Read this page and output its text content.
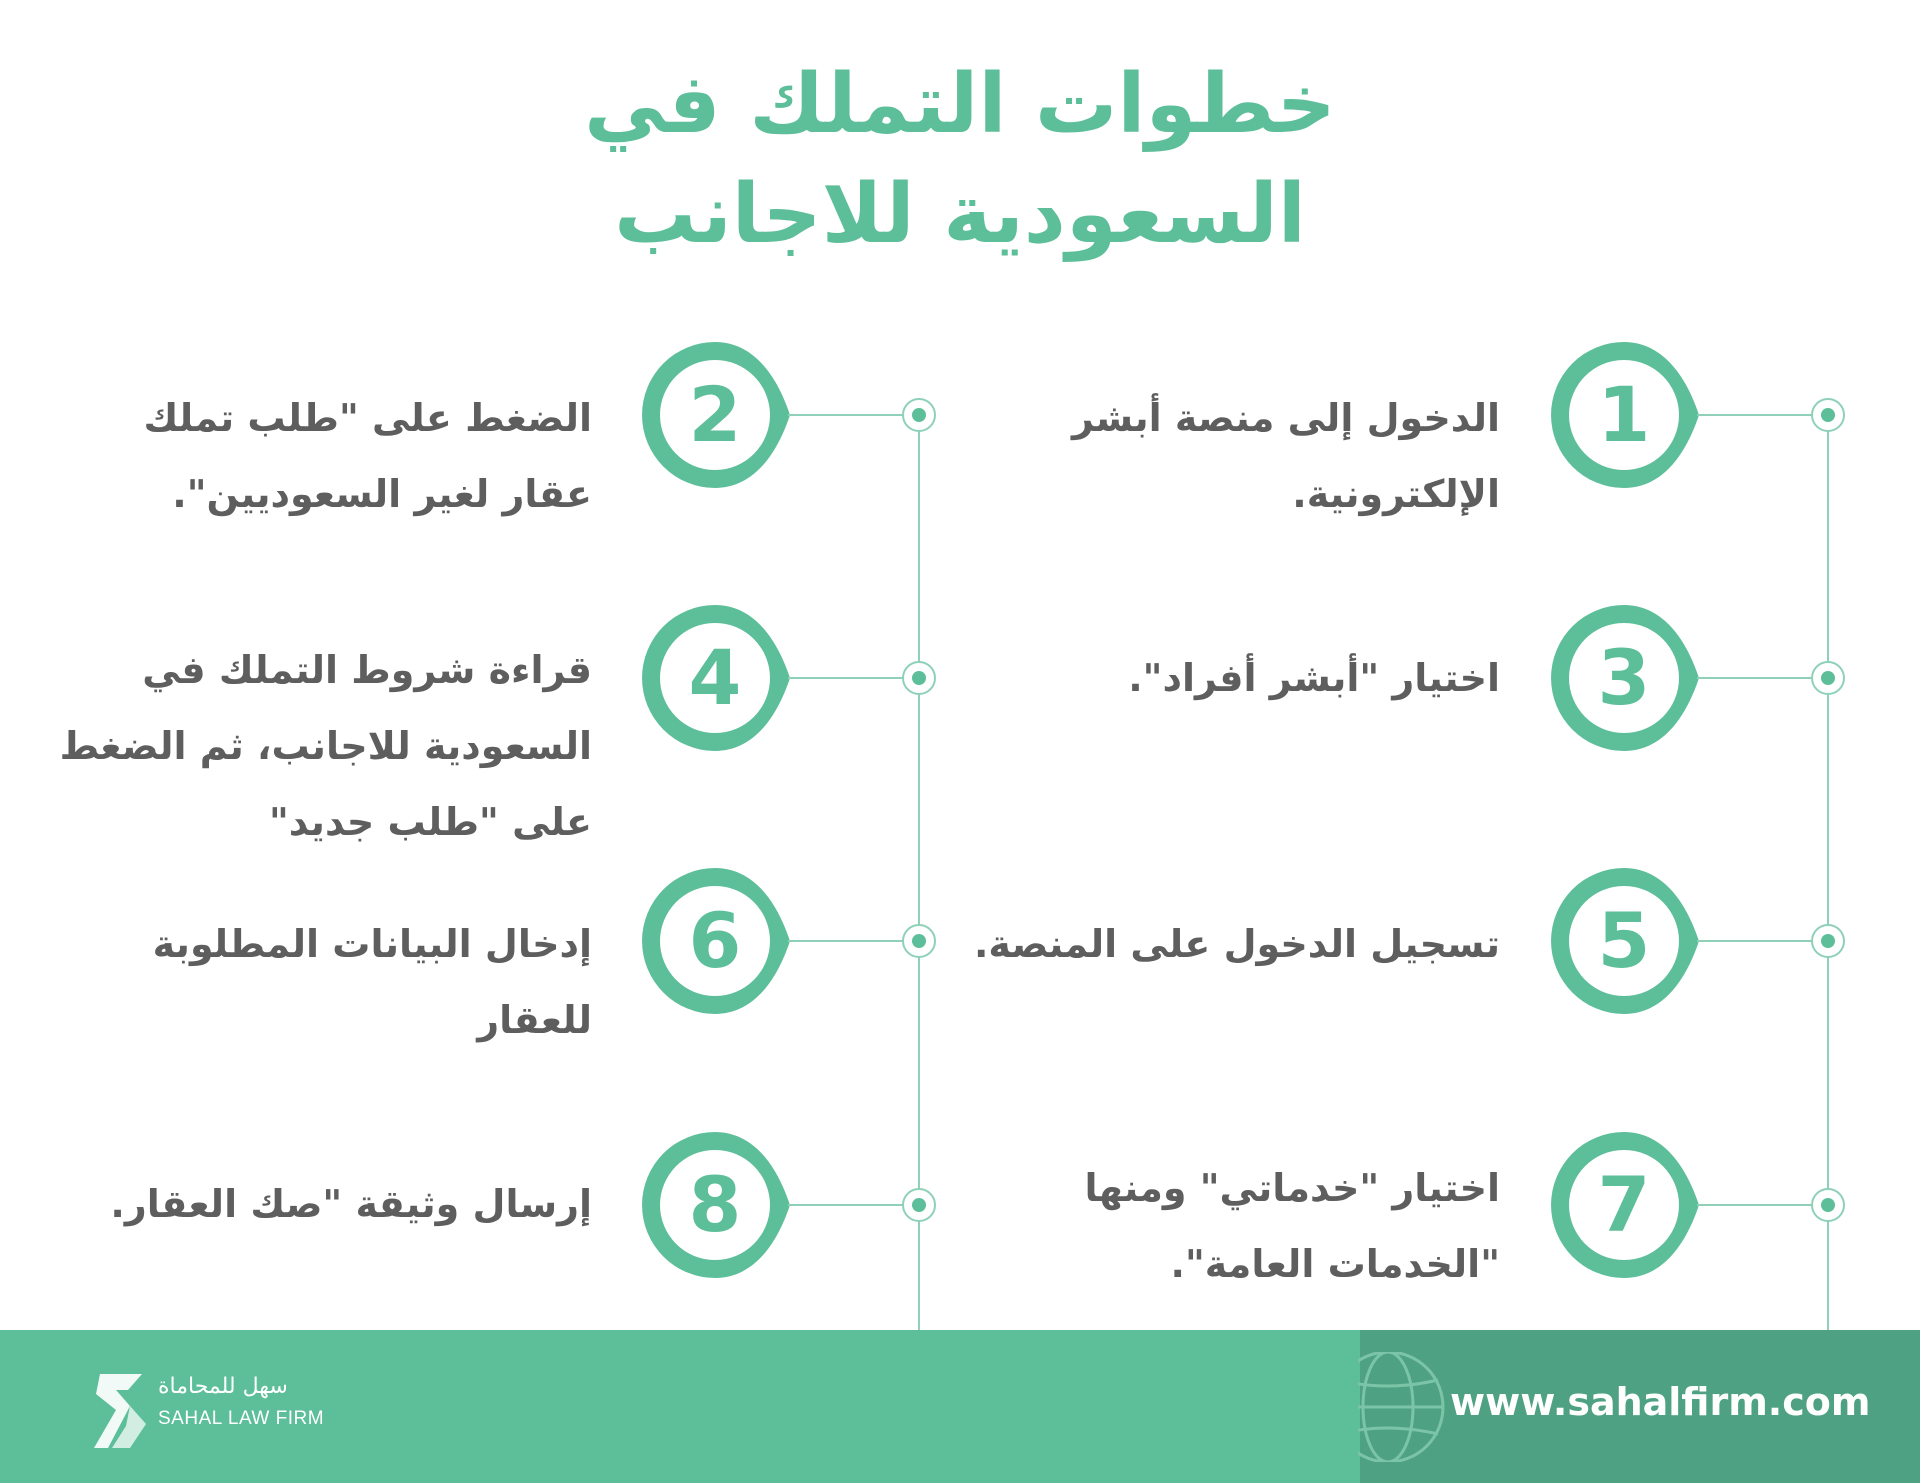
خطوات التملك في
السعودية للاجانب
2
4
6
8
1
3
5
7
الدخول إلى منصة أبشر
الإلكترونية.
الضغط على "طلب تملك
عقار لغير السعوديين".
اختيار "أبشر أفراد".
قراءة شروط التملك في
السعودية للاجانب، ثم الضغط
على "طلب جديد"
تسجيل الدخول على المنصة.
إدخال البيانات المطلوبة
للعقار
اختيار "خدماتي" ومنها
"الخدمات العامة".
إرسال وثيقة "صك العقار.
www.sahalfirm.com
سهل للمحاماة
SAHAL LAW FIRM
